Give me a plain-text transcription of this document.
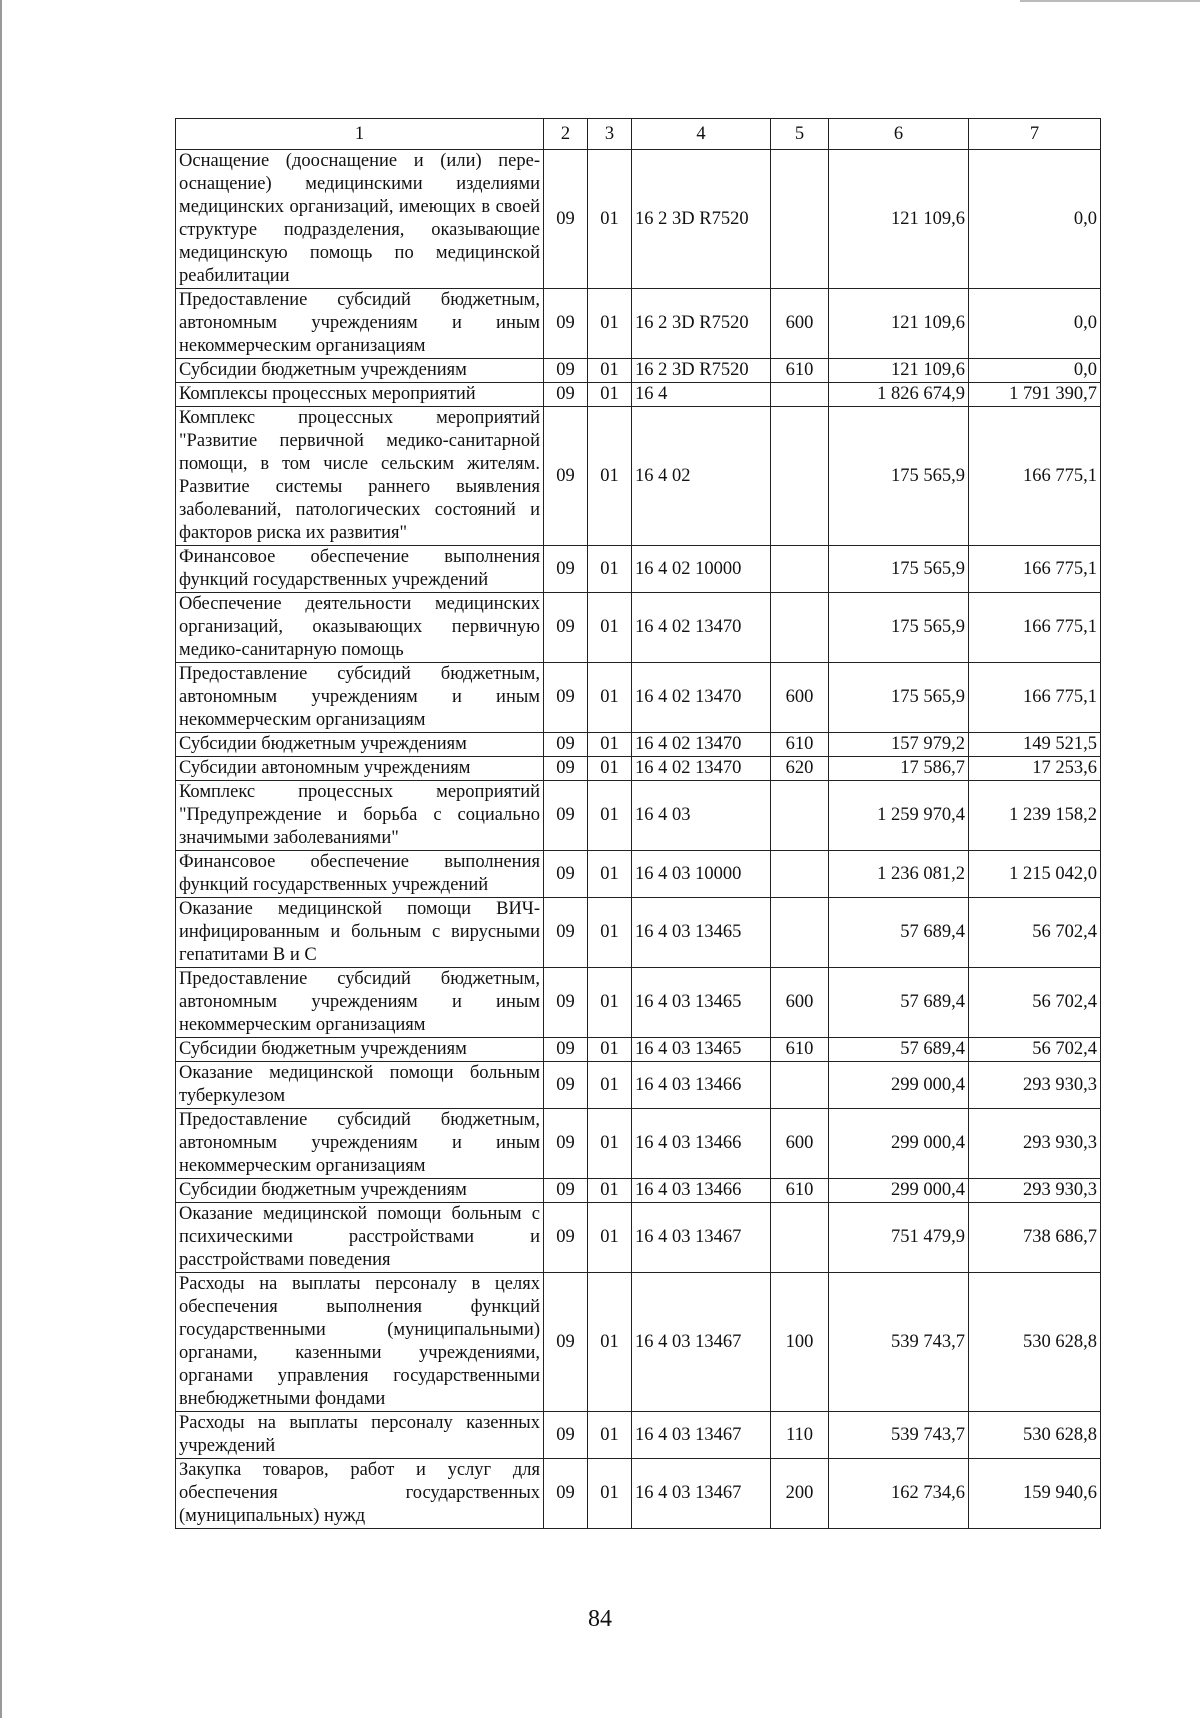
1	2	3	4	5	6	7
Оснащение (дооснащение и (или) пере-оснащение) медицинскими изделиями медицинских организаций, имеющих в своей структуре подразделения, оказывающие медицинскую помощь по медицинской реабилитации	09	01	16 2 3D R7520		121 109,6	0,0
Предоставление субсидий бюджетным, автономным учреждениям и иным некоммерческим организациям	09	01	16 2 3D R7520	600	121 109,6	0,0
Субсидии бюджетным учреждениям	09	01	16 2 3D R7520	610	121 109,6	0,0
Комплексы процессных мероприятий	09	01	16 4		1 826 674,9	1 791 390,7
Комплекс процессных мероприятий "Развитие первичной медико-санитарной помощи, в том числе сельским жителям. Развитие системы раннего выявления заболеваний, патологических состояний и факторов риска их развития"	09	01	16 4 02		175 565,9	166 775,1
Финансовое обеспечение выполнения функций государственных учреждений	09	01	16 4 02 10000		175 565,9	166 775,1
Обеспечение деятельности медицинских организаций, оказывающих первичную медико-санитарную помощь	09	01	16 4 02 13470		175 565,9	166 775,1
Предоставление субсидий бюджетным, автономным учреждениям и иным некоммерческим организациям	09	01	16 4 02 13470	600	175 565,9	166 775,1
Субсидии бюджетным учреждениям	09	01	16 4 02 13470	610	157 979,2	149 521,5
Субсидии автономным учреждениям	09	01	16 4 02 13470	620	17 586,7	17 253,6
Комплекс процессных мероприятий "Предупреждение и борьба с социально значимыми заболеваниями"	09	01	16 4 03		1 259 970,4	1 239 158,2
Финансовое обеспечение выполнения функций государственных учреждений	09	01	16 4 03 10000		1 236 081,2	1 215 042,0
Оказание медицинской помощи ВИЧ-инфицированным и больным с вирусными гепатитами В и С	09	01	16 4 03 13465		57 689,4	56 702,4
Предоставление субсидий бюджетным, автономным учреждениям и иным некоммерческим организациям	09	01	16 4 03 13465	600	57 689,4	56 702,4
Субсидии бюджетным учреждениям	09	01	16 4 03 13465	610	57 689,4	56 702,4
Оказание медицинской помощи больным туберкулезом	09	01	16 4 03 13466		299 000,4	293 930,3
Предоставление субсидий бюджетным, автономным учреждениям и иным некоммерческим организациям	09	01	16 4 03 13466	600	299 000,4	293 930,3
Субсидии бюджетным учреждениям	09	01	16 4 03 13466	610	299 000,4	293 930,3
Оказание медицинской помощи больным с психическими расстройствами и расстройствами поведения	09	01	16 4 03 13467		751 479,9	738 686,7
Расходы на выплаты персоналу в целях обеспечения выполнения функций государственными (муниципальными) органами, казенными учреждениями, органами управления государственными внебюджетными фондами	09	01	16 4 03 13467	100	539 743,7	530 628,8
Расходы на выплаты персоналу казенных учреждений	09	01	16 4 03 13467	110	539 743,7	530 628,8
Закупка товаров, работ и услуг для обеспечения государственных (муниципальных) нужд	09	01	16 4 03 13467	200	162 734,6	159 940,6
84
